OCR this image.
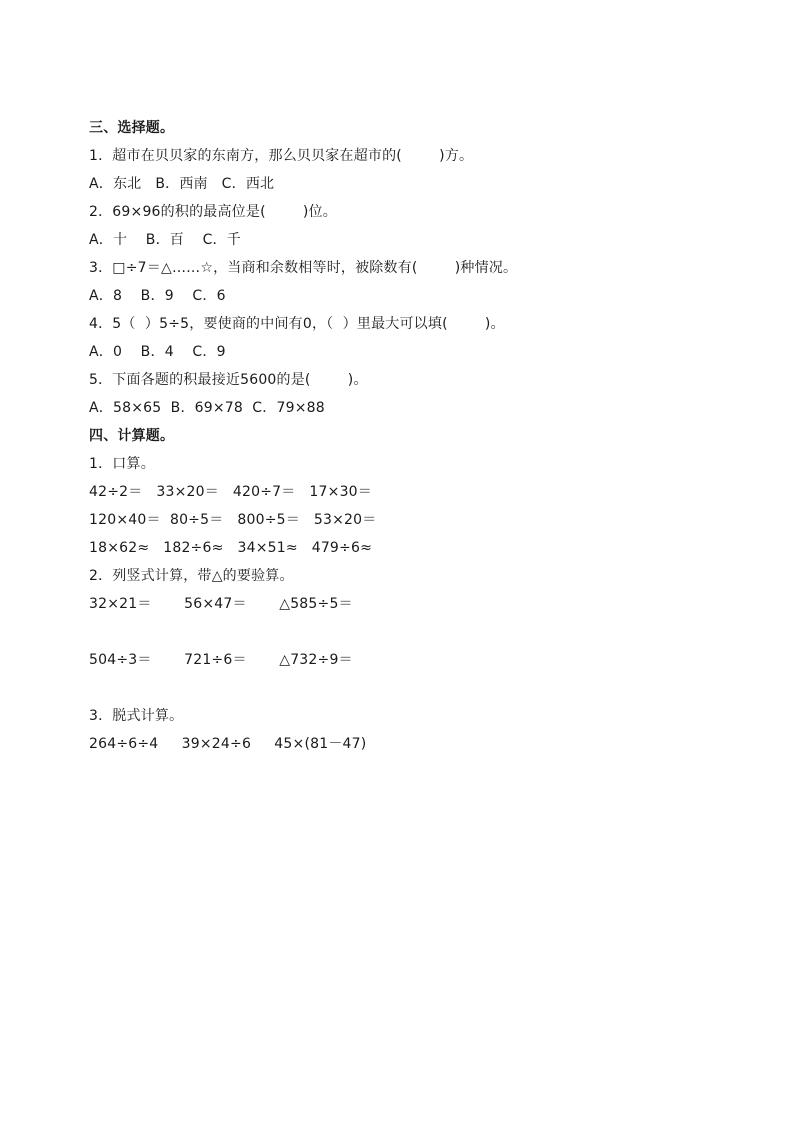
三、选择题。
1．超市在贝贝家的东南方，那么贝贝家在超市的(        )方。
A．东北   B．西南   C．西北
2．69×96的积的最高位是(        )位。
A．十    B．百    C．千
3．□÷7＝△……☆，当商和余数相等时，被除数有(        )种情况。
A．8    B．9    C．6
4．5（  ）5÷5，要使商的中间有0，（  ）里最大可以填(        )。
A．0    B．4    C．9
5．下面各题的积最接近5600的是(        )。
A．58×65  B．69×78  C．79×88
四、计算题。
1．口算。
42÷2＝   33×20＝   420÷7＝   17×30＝
120×40＝  80÷5＝   800÷5＝   53×20＝
18×62≈   182÷6≈   34×51≈   479÷6≈
2．列竖式计算，带△的要验算。
32×21＝       56×47＝       △585÷5＝
504÷3＝       721÷6＝       △732÷9＝
3．脱式计算。
264÷6÷4     39×24÷6     45×(81－47)
